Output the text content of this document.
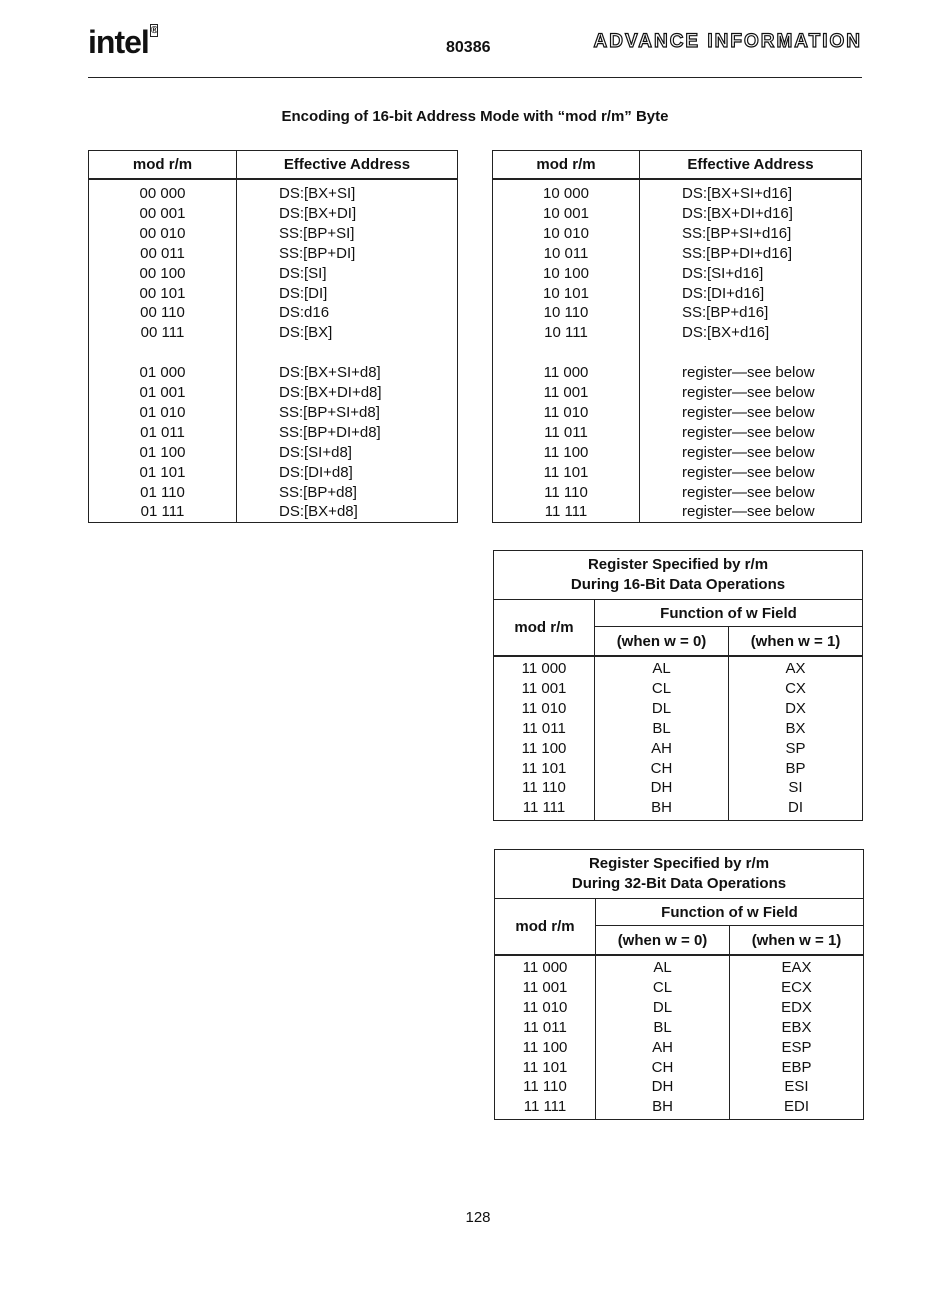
intel ®
80386	ADVANCE INFORMATION
Encoding of 16-bit Address Mode with “mod r/m” Byte
mod r/m	Effective Address
00 000	DS:[BX+SI]
00 001	DS:[BX+DI]
00 010	SS:[BP+SI]
00 011	SS:[BP+DI]
00 100	DS:[SI]
00 101	DS:[DI]
00 110	DS:d16
00 111	DS:[BX]

01 000	DS:[BX+SI+d8]
01 001	DS:[BX+DI+d8]
01 010	SS:[BP+SI+d8]
01 011	SS:[BP+DI+d8]
01 100	DS:[SI+d8]
01 101	DS:[DI+d8]
01 110	SS:[BP+d8]
01 111	DS:[BX+d8]
mod r/m	Effective Address
10 000	DS:[BX+SI+d16]
10 001	DS:[BX+DI+d16]
10 010	SS:[BP+SI+d16]
10 011	SS:[BP+DI+d16]
10 100	DS:[SI+d16]
10 101	DS:[DI+d16]
10 110	SS:[BP+d16]
10 111	DS:[BX+d16]

11 000	register—see below
11 001	register—see below
11 010	register—see below
11 011	register—see below
11 100	register—see below
11 101	register—see below
11 110	register—see below
11 111	register—see below
Register Specified by r/m
During 16-Bit Data Operations		

mod r/m	Function of w Field	
	(when w = 0)	(when w = 1)
11 000	AL	AX
11 001	CL	CX
11 010	DL	DX
11 011	BL	BX
11 100	AH	SP
11 101	CH	BP
11 110	DH	SI
11 111	BH	DI
Register Specified by r/m
During 32-Bit Data Operations		

mod r/m	Function of w Field	
	(when w = 0)	(when w = 1)
11 000	AL	EAX
11 001	CL	ECX
11 010	DL	EDX
11 011	BL	EBX
11 100	AH	ESP
11 101	CH	EBP
11 110	DH	ESI
11 111	BH	EDI
128
